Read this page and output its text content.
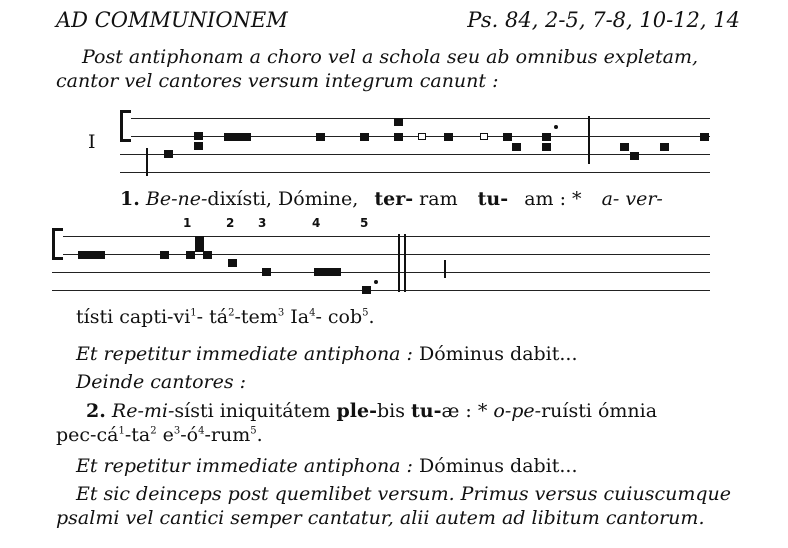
AD COMMUNIONEM	Ps. 84, 2-5, 7-8, 10-12, 14
Post antiphonam a choro vel a schola seu ab omnibus expletam,
cantor vel cantores versum integrum canunt :
I
1. Be-ne-dixísti, Dómine, ter- ram tu- am : * a- ver-
1	2 3	4	5
tísti capti-$vi^1-$ $tá^2-tem^3$ Ia$^4$- cob$^5$.
Et repetitur immediate antiphona : Dóminus dabit...
Deinde cantores :
2. Re-mi-sísti iniquitátem ple-bis tu-æ : * o-pe-ruísti ómnia
pec-$cá^1-ta^2$ $e^3-ó^4-rum^5$.
Et repetitur immediate antiphona : Dóminus dabit...
Et sic deinceps post quemlibet versum. Primus versus cuiuscumque
psalmi vel cantici semper cantatur, alii autem ad libitum cantorum.
